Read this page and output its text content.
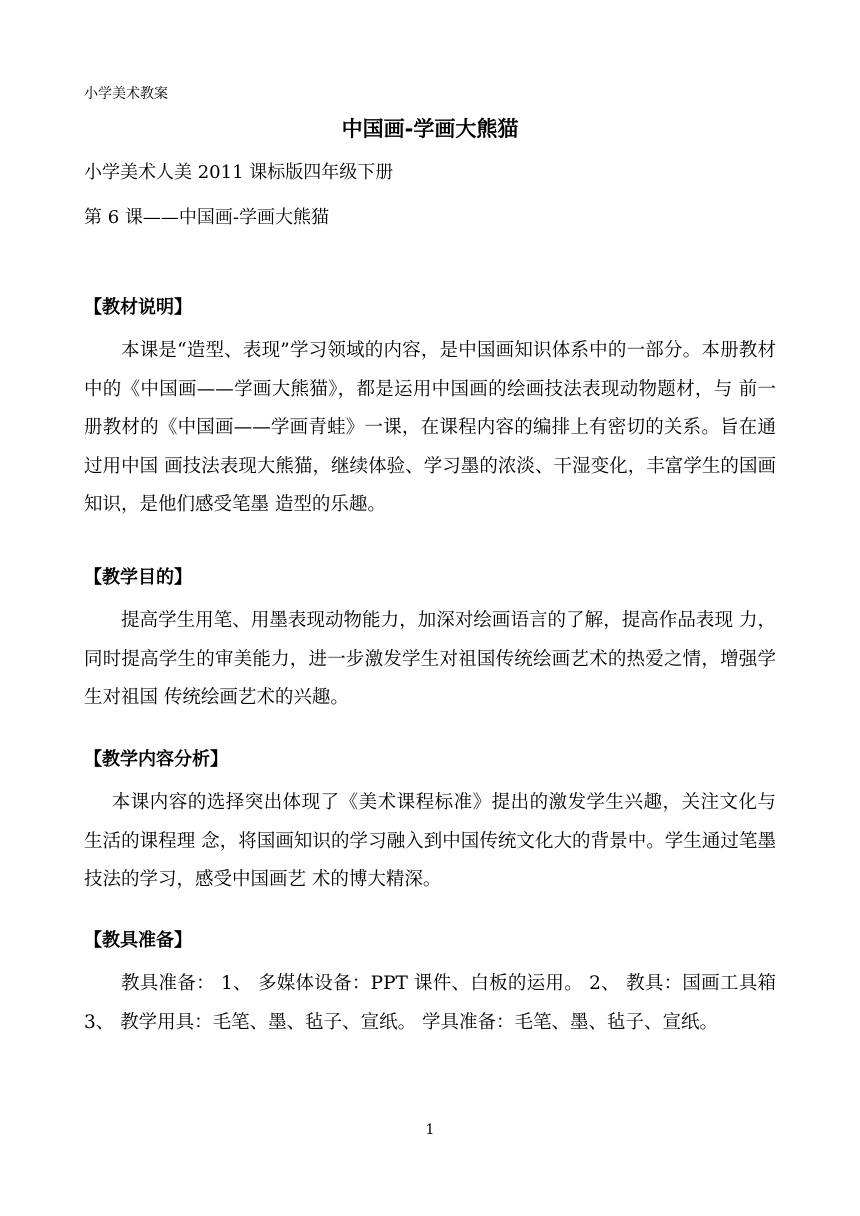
小学美术教案
中国画-学画大熊猫
小学美术人美 2011 课标版四年级下册
第 6 课——中国画-学画大熊猫
【教材说明】

本课是“造型、表现”学习领域的内容，是中国画知识体系中的一部分。本册教材中的《中国画——学画大熊猫》，都是运用中国画的绘画技法表现动物题材，与 前一册教材的《中国画——学画青蛙》一课，在课程内容的编排上有密切的关系。旨在通过用中国 画技法表现大熊猫，继续体验、学习墨的浓淡、干湿变化，丰富学生的国画知识，是他们感受笔墨 造型的乐趣。

【教学目的】

提高学生用笔、用墨表现动物能力，加深对绘画语言的了解，提高作品表现 力，同时提高学生的审美能力，进一步激发学生对祖国传统绘画艺术的热爱之情，增强学生对祖国 传统绘画艺术的兴趣。

【教学内容分析】

本课内容的选择突出体现了《美术课程标准》提出的激发学生兴趣，关注文化与生活的课程理 念，将国画知识的学习融入到中国传统文化大的背景中。学生通过笔墨技法的学习，感受中国画艺 术的博大精深。

【教具准备】

教具准备： 1、 多媒体设备：PPT 课件、白板的运用。 2、 教具：国画工具箱 3、 教学用具：毛笔、墨、毡子、宣纸。 学具准备：毛笔、墨、毡子、宣纸。

1
